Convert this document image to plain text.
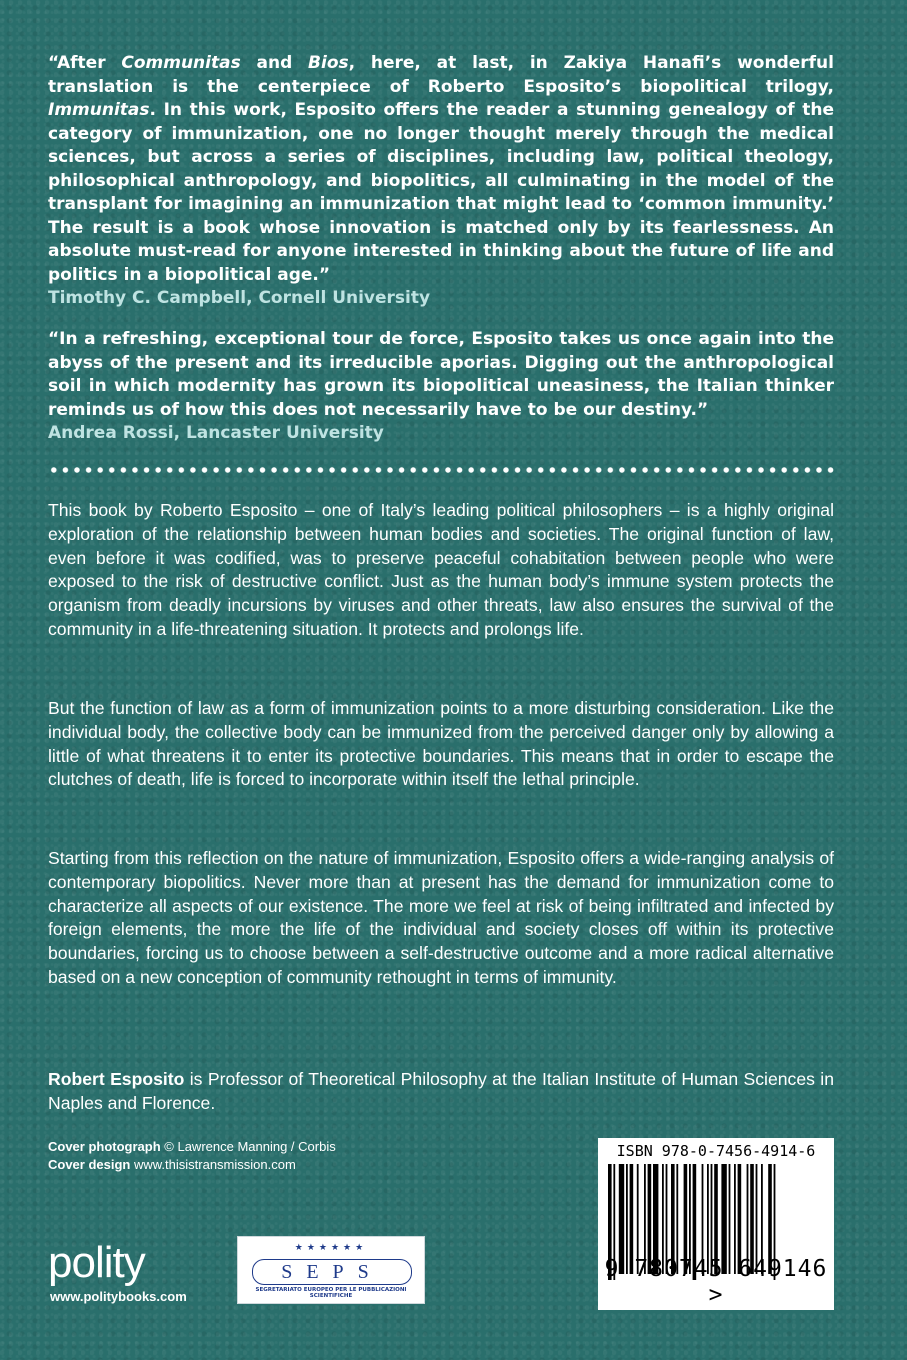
“After Communitas and Bios, here, at last, in Zakiya Hanafi’s wonderful translation is the centerpiece of Roberto Esposito’s biopolitical trilogy, Immunitas. In this work, Esposito offers the reader a stunning genealogy of the category of immunization, one no longer thought merely through the medical sciences, but across a series of disciplines, including law, political theology, philosophical anthropology, and biopolitics, all culminating in the model of the transplant for imagining an immunization that might lead to ‘common immunity.’ The result is a book whose innovation is matched only by its fearlessness. An absolute must-read for anyone interested in thinking about the future of life and politics in a biopolitical age.”
Timothy C. Campbell, Cornell University
“In a refreshing, exceptional tour de force, Esposito takes us once again into the abyss of the present and its irreducible aporias. Digging out the anthropological soil in which modernity has grown its biopolitical uneasiness, the Italian thinker reminds us of how this does not necessarily have to be our destiny.”
Andrea Rossi, Lancaster University

This book by Roberto Esposito – one of Italy’s leading political philosophers – is a highly original exploration of the relationship between human bodies and societies. The original function of law, even before it was codified, was to preserve peaceful cohabitation between people who were exposed to the risk of destructive conflict. Just as the human body’s immune system protects the organism from deadly incursions by viruses and other threats, law also ensures the survival of the community in a life-threatening situation. It protects and prolongs life.

But the function of law as a form of immunization points to a more disturbing consideration. Like the individual body, the collective body can be immunized from the perceived danger only by allowing a little of what threatens it to enter its protective boundaries. This means that in order to escape the clutches of death, life is forced to incorporate within itself the lethal principle.

Starting from this reflection on the nature of immunization, Esposito offers a wide-ranging analysis of contemporary biopolitics. Never more than at present has the demand for immunization come to characterize all aspects of our existence. The more we feel at risk of being infiltrated and infected by foreign elements, the more the life of the individual and society closes off within its protective boundaries, forcing us to choose between a self-destructive outcome and a more radical alternative based on a new conception of community rethought in terms of immunity.

Robert Esposito is Professor of Theoretical Philosophy at the Italian Institute of Human Sciences in Naples and Florence.

Cover photograph © Lawrence Manning / Corbis
Cover design www.thisistransmission.com
polity
www.politybooks.com
★★★★★★
SEPS
SEGRETARIATO EUROPEO PER LE PUBBLICAZIONI SCIENTIFICHE
ISBN 978-0-7456-4914-6
9 780745 649146 >
